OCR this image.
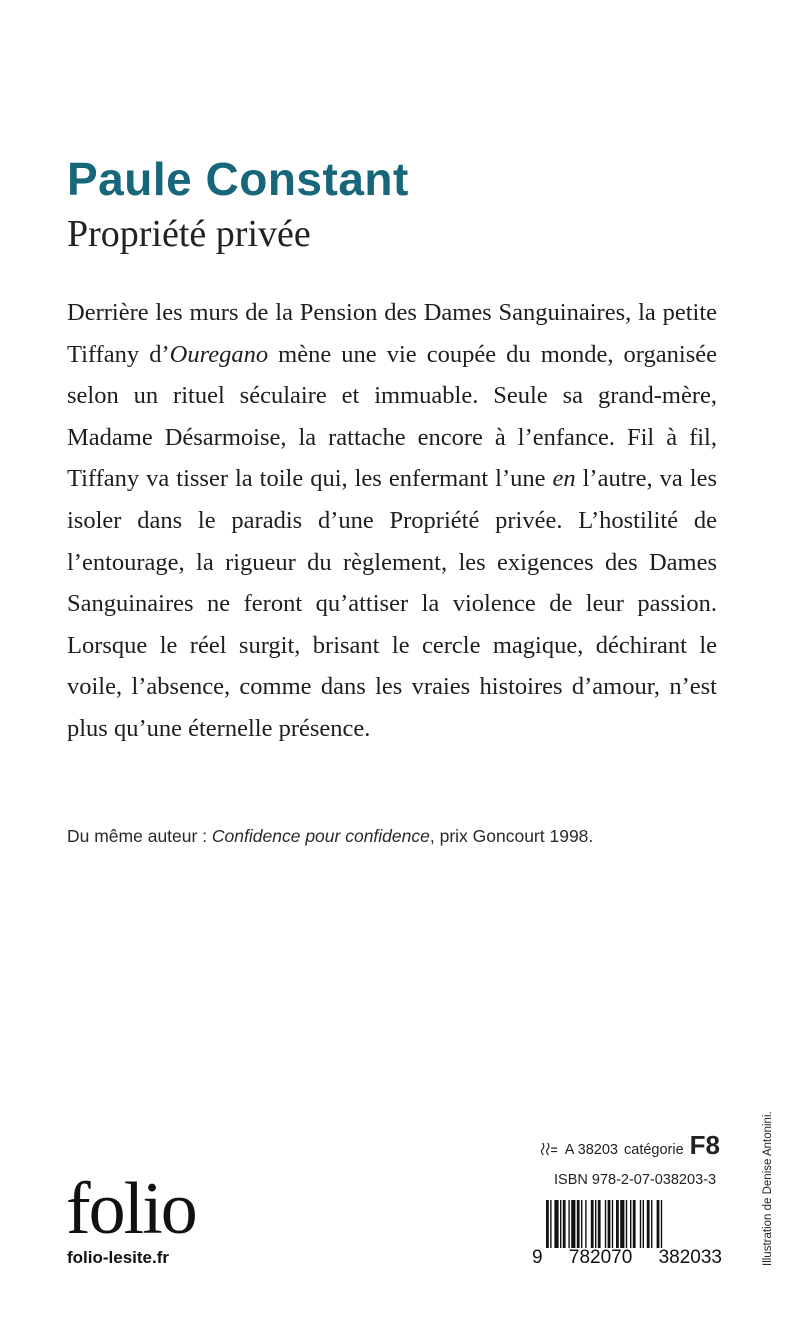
Paule Constant
Propriété privée

Derrière les murs de la Pension des Dames Sanguinaires, la petite Tiffany d’Ouregano mène une vie coupée du monde, organisée selon un rituel séculaire et immuable. Seule sa grand-mère, Madame Désarmoise, la rattache encore à l’enfance. Fil à fil, Tiffany va tisser la toile qui, les enfermant l’une en l’autre, va les isoler dans le paradis d’une Propriété privée. L’hostilité de l’entourage, la rigueur du règlement, les exigences des Dames Sanguinaires ne feront qu’attiser la violence de leur passion. Lorsque le réel surgit, brisant le cercle magique, déchirant le voile, l’absence, comme dans les vraies histoires d’amour, n’est plus qu’une éternelle présence.

Du même auteur : Confidence pour confidence, prix Goncourt 1998.
folio
folio-lesite.fr
A 38203 catégorie F8
ISBN 978-2-07-038203-3
9 782070 382033	Illustration de Denise Antonini.
